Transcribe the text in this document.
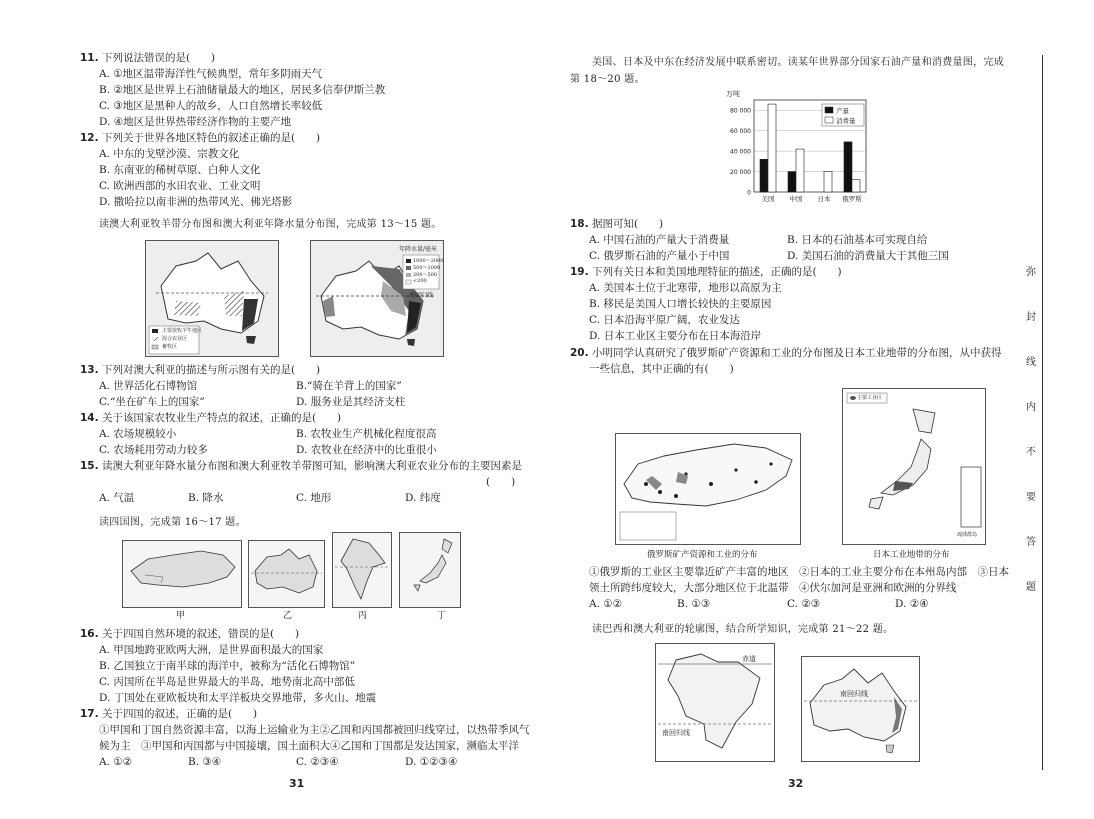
11. 下列说法错误的是(　　)
A. ①地区温带海洋性气候典型，常年多阴雨天气
B. ②地区是世界上石油储量最大的地区，居民多信奉伊斯兰教
C. ③地区是黑种人的故乡，人口自然增长率较低
D. ④地区是世界热带经济作物的主要产地
12. 下列关于世界各地区特色的叙述正确的是(　　)
A. 中东的戈壁沙漠、宗教文化
B. 东南亚的稀树草原、白种人文化
C. 欧洲西部的水田农业、工业文明
D. 撒哈拉以南非洲的热带风光、佛光塔影
读澳大利亚牧羊带分布图和澳大利亚年降水量分布图，完成第 13～15 题。
主要放牧羊牛地区
混合农业区
畜牧区
年降水量/毫米
1000～2000
500～1000
200～500
<200
南回归线
13. 下列对澳大利亚的描述与所示图有关的是(　　)
A. 世界活化石博物馆	B.“骑在羊背上的国家”
C.“坐在矿车上的国家”	D. 服务业是其经济支柱
14. 关于该国家农牧业生产特点的叙述，正确的是(　　)
A. 农场规模较小	B. 农牧业生产机械化程度很高
C. 农场耗用劳动力较多	D. 农牧业在经济中的比重很小
15. 读澳大利亚年降水量分布图和澳大利亚牧羊带图可知，影响澳大利亚农业分布的主要因素是
(　　)
A. 气温	B. 降水	C. 地形	D. 纬度
读四国图，完成第 16～17 题。
甲	乙	丙	丁
16. 关于四国自然环境的叙述，错误的是(　　)
A. 甲国地跨亚欧两大洲，是世界面积最大的国家
B. 乙国独立于南半球的海洋中，被称为“活化石博物馆”
C. 丙国所在半岛是世界最大的半岛，地势南北高中部低
D. 丁国处在亚欧板块和太平洋板块交界地带，多火山、地震
17. 关于四国的叙述，正确的是(　　)
①甲国和丁国自然资源丰富，以海上运输业为主②乙国和丙国都被回归线穿过，以热带季风气
候为主　③甲国和丙国都与中国接壤，国土面积大④乙国和丁国都是发达国家，濒临太平洋
A. ①②	B. ③④	C. ②③④	D. ①②③④
31
美国、日本及中东在经济发展中联系密切。读某年世界部分国家石油产量和消费量图，完成
第 18～20 题。
万吨
0
20 000
40 000
60 000
80 000
美国 中国 日本 俄罗斯
产量
消费量
18. 据图可知(　　)
A. 中国石油的产量大于消费量	B. 日本的石油基本可实现自给
C. 俄罗斯石油的产量小于中国	D. 美国石油的消费量大于其他三国
19. 下列有关日本和美国地理特征的描述，正确的是(　　)
A. 美国本土位于北寒带，地形以高原为主
B. 移民是美国人口增长较快的主要原因
C. 日本沿海平原广阔，农业发达
D. 日本工业区主要分布在日本海沿岸
20. 小明同学认真研究了俄罗斯矿产资源和工业的分布图及日本工业地带的分布图，从中获得
一些信息，其中正确的有(　　)
俄罗斯矿产资源和工业的分布
主要工业区
琉球群岛
日本工业地带的分布
①俄罗斯的工业区主要靠近矿产丰富的地区　②日本的工业主要分布在本州岛内部　③日本
领土所跨纬度较大，大部分地区位于北温带　④伏尔加河是亚洲和欧洲的分界线
A. ①②	B. ①③	C. ②③	D. ②④
读巴西和澳大利亚的轮廓图，结合所学知识，完成第 21～22 题。
赤道
南回归线
南回归线
32
弥
封
线
内
不
要
答
题
